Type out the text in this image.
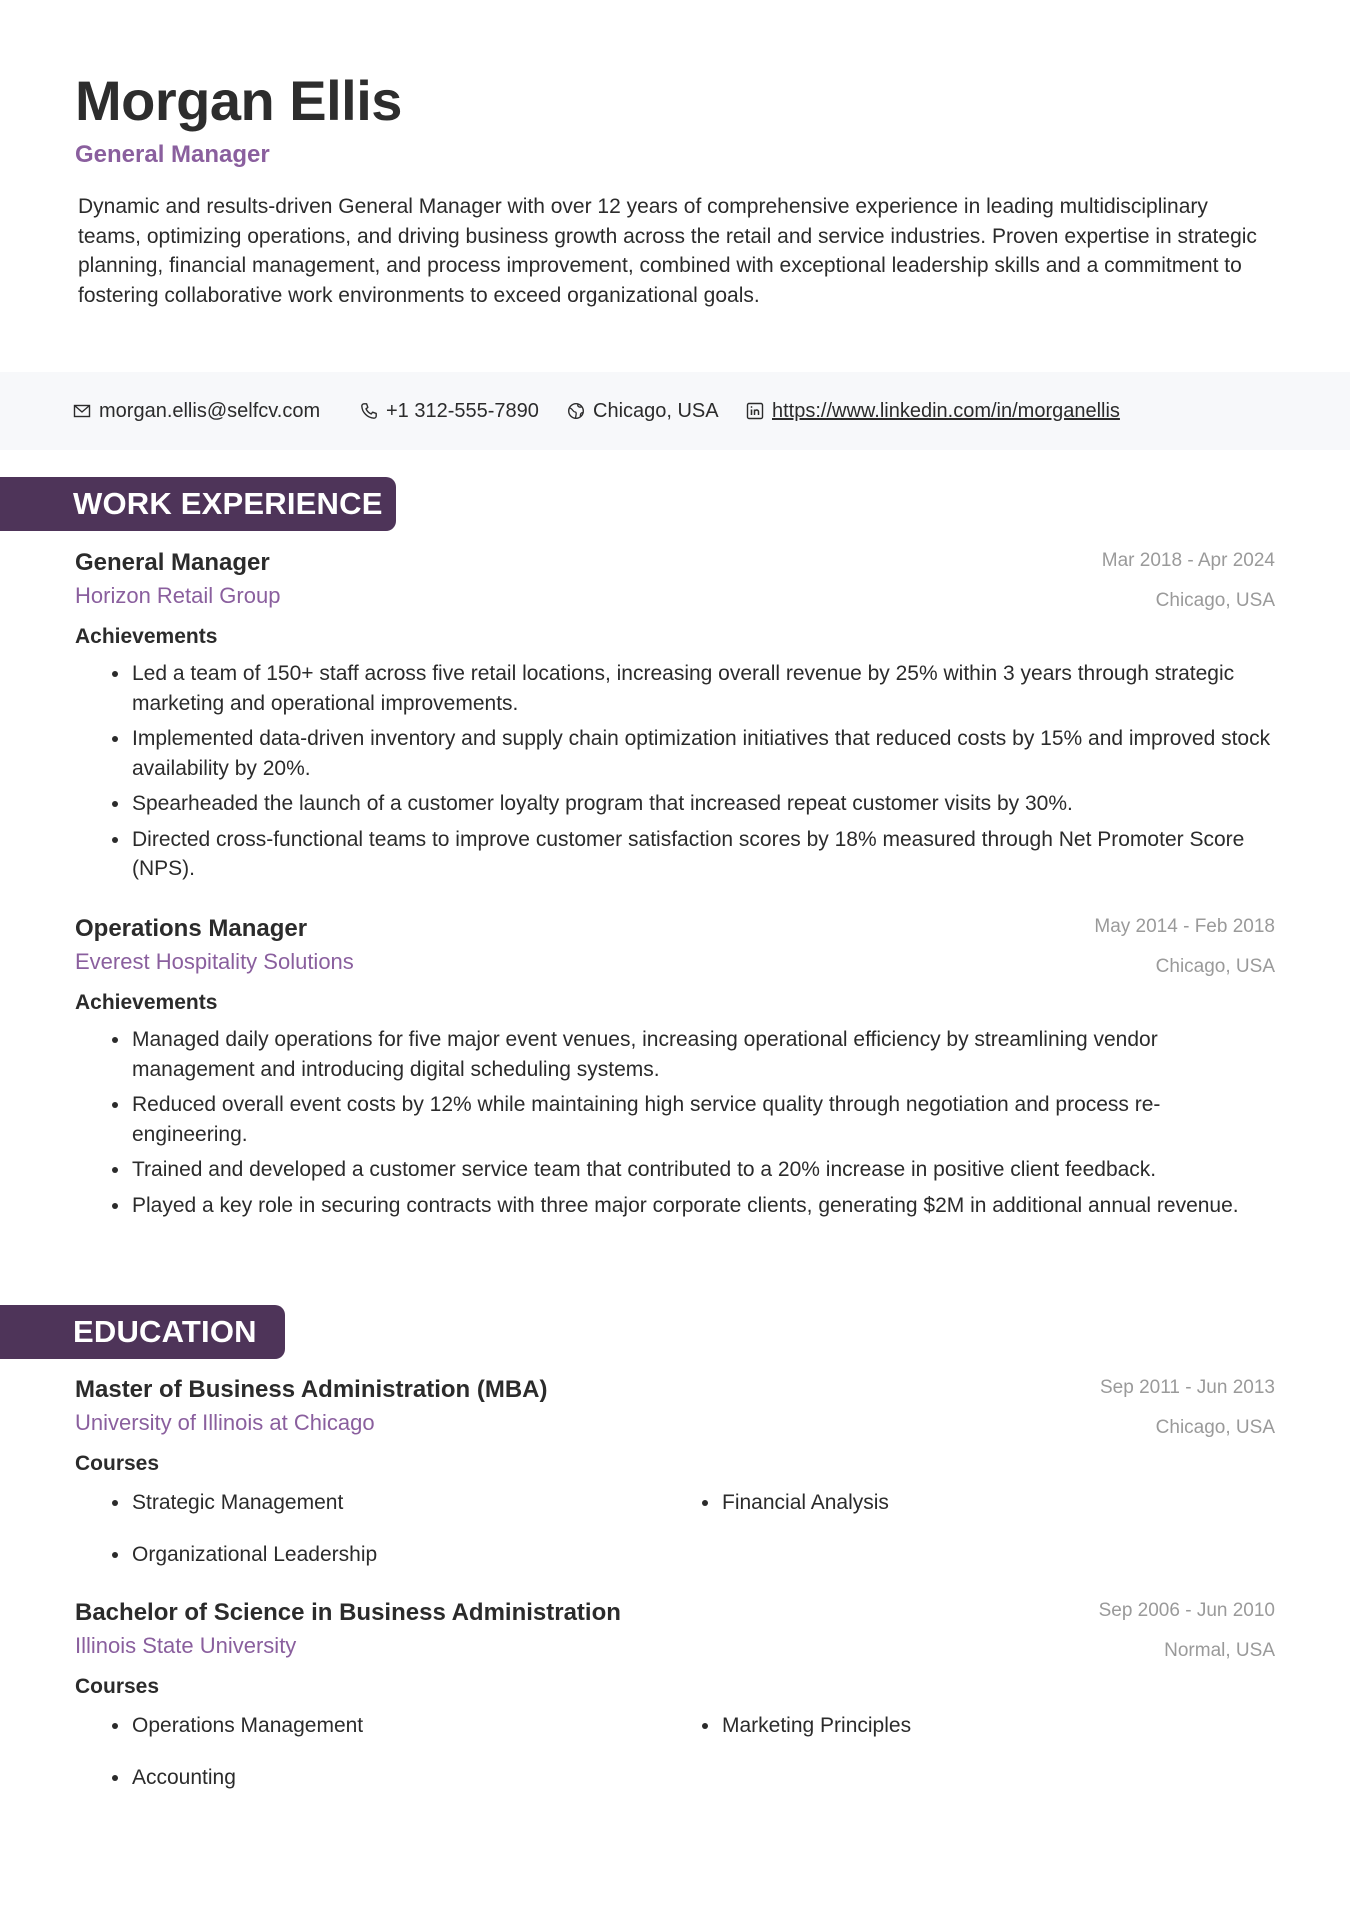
Morgan Ellis
General Manager
Dynamic and results-driven General Manager with over 12 years of comprehensive experience in leading multidisciplinary teams, optimizing operations, and driving business growth across the retail and service industries. Proven expertise in strategic planning, financial management, and process improvement, combined with exceptional leadership skills and a commitment to fostering collaborative work environments to exceed organizational goals.
morgan.ellis@selfcv.com	+1 312-555-7890	Chicago, USA	https://www.linkedin.com/in/morganellis
WORK EXPERIENCE
General Manager
Horizon Retail Group
Mar 2018 - Apr 2024
Chicago, USA
Achievements
Led a team of 150+ staff across five retail locations, increasing overall revenue by 25% within 3 years through strategic marketing and operational improvements.
Implemented data-driven inventory and supply chain optimization initiatives that reduced costs by 15% and improved stock availability by 20%.
Spearheaded the launch of a customer loyalty program that increased repeat customer visits by 30%.
Directed cross-functional teams to improve customer satisfaction scores by 18% measured through Net Promoter Score (NPS).
Operations Manager
Everest Hospitality Solutions
May 2014 - Feb 2018
Chicago, USA
Achievements
Managed daily operations for five major event venues, increasing operational efficiency by streamlining vendor management and introducing digital scheduling systems.
Reduced overall event costs by 12% while maintaining high service quality through negotiation and process re-engineering.
Trained and developed a customer service team that contributed to a 20% increase in positive client feedback.
Played a key role in securing contracts with three major corporate clients, generating $2M in additional annual revenue.
EDUCATION
Master of Business Administration (MBA)
University of Illinois at Chicago
Sep 2011 - Jun 2013
Chicago, USA
Courses
Strategic Management	Financial Analysis
Organizational Leadership
Bachelor of Science in Business Administration
Illinois State University
Sep 2006 - Jun 2010
Normal, USA
Courses
Operations Management	Marketing Principles
Accounting
